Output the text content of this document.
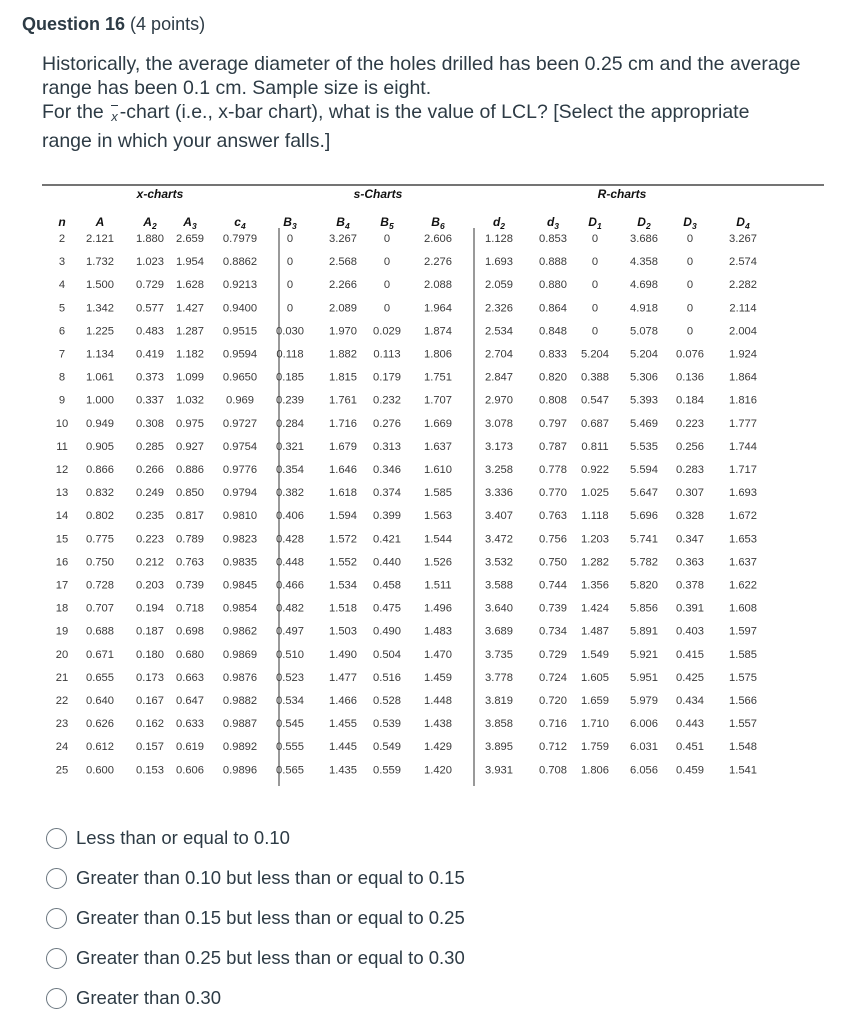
Question 16 (4 points)
Historically, the average diameter of the holes drilled has been 0.25 cm and the average range has been 0.1 cm. Sample size is eight.
For the x -chart (i.e., x-bar chart), what is the value of LCL? [Select the appropriate range in which your answer falls.]
x-charts	s-Charts	R-charts
n A	$A_2$ $A_3$	$c_4$	$B_3$	$B_4$	$B_5$	$B_6$	$d_2$	$d_3$ $D_1$	$D_2$	$D_3$	$D_4$
2 2.121 1.880 2.659 0.7979	0	3.267 0	2.606	1.128 0.853 0	3.686	0	3.267
3 1.732 1.023 1.954 0.8862	0	2.568 0	2.276	1.693 0.888 0	4.358	0	2.574
4 1.500 0.729 1.628 0.9213	0	2.266 0	2.088	2.059 0.880 0	4.698	0	2.282
5 1.342 0.577 1.427 0.9400	0	2.089 0	1.964	2.326 0.864 0	4.918	0	2.114
6 1.225 0.483 1.287 0.9515 0.030 1.970 0.029 1.874	2.534 0.848 0	5.078	0	2.004
7 1.134 0.419 1.182 0.9594 0.118 1.882 0.113 1.806	2.704 0.833 5.204 5.204 0.076 1.924
8 1.061 0.373 1.099 0.9650 0.185 1.815 0.179 1.751	2.847 0.820 0.388 5.306 0.136 1.864
9 1.000 0.337 1.032 0.969 0.239 1.761 0.232 1.707	2.970 0.808 0.547 5.393 0.184 1.816
10 0.949 0.308 0.975 0.9727 0.284 1.716 0.276 1.669	3.078 0.797 0.687 5.469 0.223 1.777
11 0.905 0.285 0.927 0.9754 0.321 1.679 0.313 1.637	3.173 0.787 0.811 5.535 0.256 1.744
12 0.866 0.266 0.886 0.9776 0.354 1.646 0.346 1.610	3.258 0.778 0.922 5.594 0.283 1.717
13 0.832 0.249 0.850 0.9794 0.382 1.618 0.374 1.585	3.336 0.770 1.025 5.647 0.307 1.693
14 0.802 0.235 0.817 0.9810 0.406 1.594 0.399 1.563	3.407 0.763 1.118 5.696 0.328 1.672
15 0.775 0.223 0.789 0.9823 0.428 1.572 0.421 1.544	3.472 0.756 1.203 5.741 0.347 1.653
16 0.750 0.212 0.763 0.9835 0.448 1.552 0.440 1.526	3.532 0.750 1.282 5.782 0.363 1.637
17 0.728 0.203 0.739 0.9845 0.466 1.534 0.458 1.511	3.588 0.744 1.356 5.820 0.378 1.622
18 0.707 0.194 0.718 0.9854 0.482 1.518 0.475 1.496	3.640 0.739 1.424 5.856 0.391 1.608
19 0.688 0.187 0.698 0.9862 0.497 1.503 0.490 1.483	3.689 0.734 1.487 5.891 0.403 1.597
20 0.671 0.180 0.680 0.9869 0.510 1.490 0.504 1.470	3.735 0.729 1.549 5.921 0.415 1.585
21 0.655 0.173 0.663 0.9876 0.523 1.477 0.516 1.459	3.778 0.724 1.605 5.951 0.425 1.575
22 0.640 0.167 0.647 0.9882 0.534 1.466 0.528 1.448	3.819 0.720 1.659 5.979 0.434 1.566
23 0.626 0.162 0.633 0.9887 0.545 1.455 0.539 1.438	3.858 0.716 1.710 6.006 0.443 1.557
24 0.612 0.157 0.619 0.9892 0.555 1.445 0.549 1.429	3.895 0.712 1.759 6.031 0.451 1.548
25 0.600 0.153 0.606 0.9896 0.565 1.435 0.559 1.420	3.931 0.708 1.806 6.056 0.459 1.541
Less than or equal to 0.10
Greater than 0.10 but less than or equal to 0.15
Greater than 0.15 but less than or equal to 0.25
Greater than 0.25 but less than or equal to 0.30
Greater than 0.30
